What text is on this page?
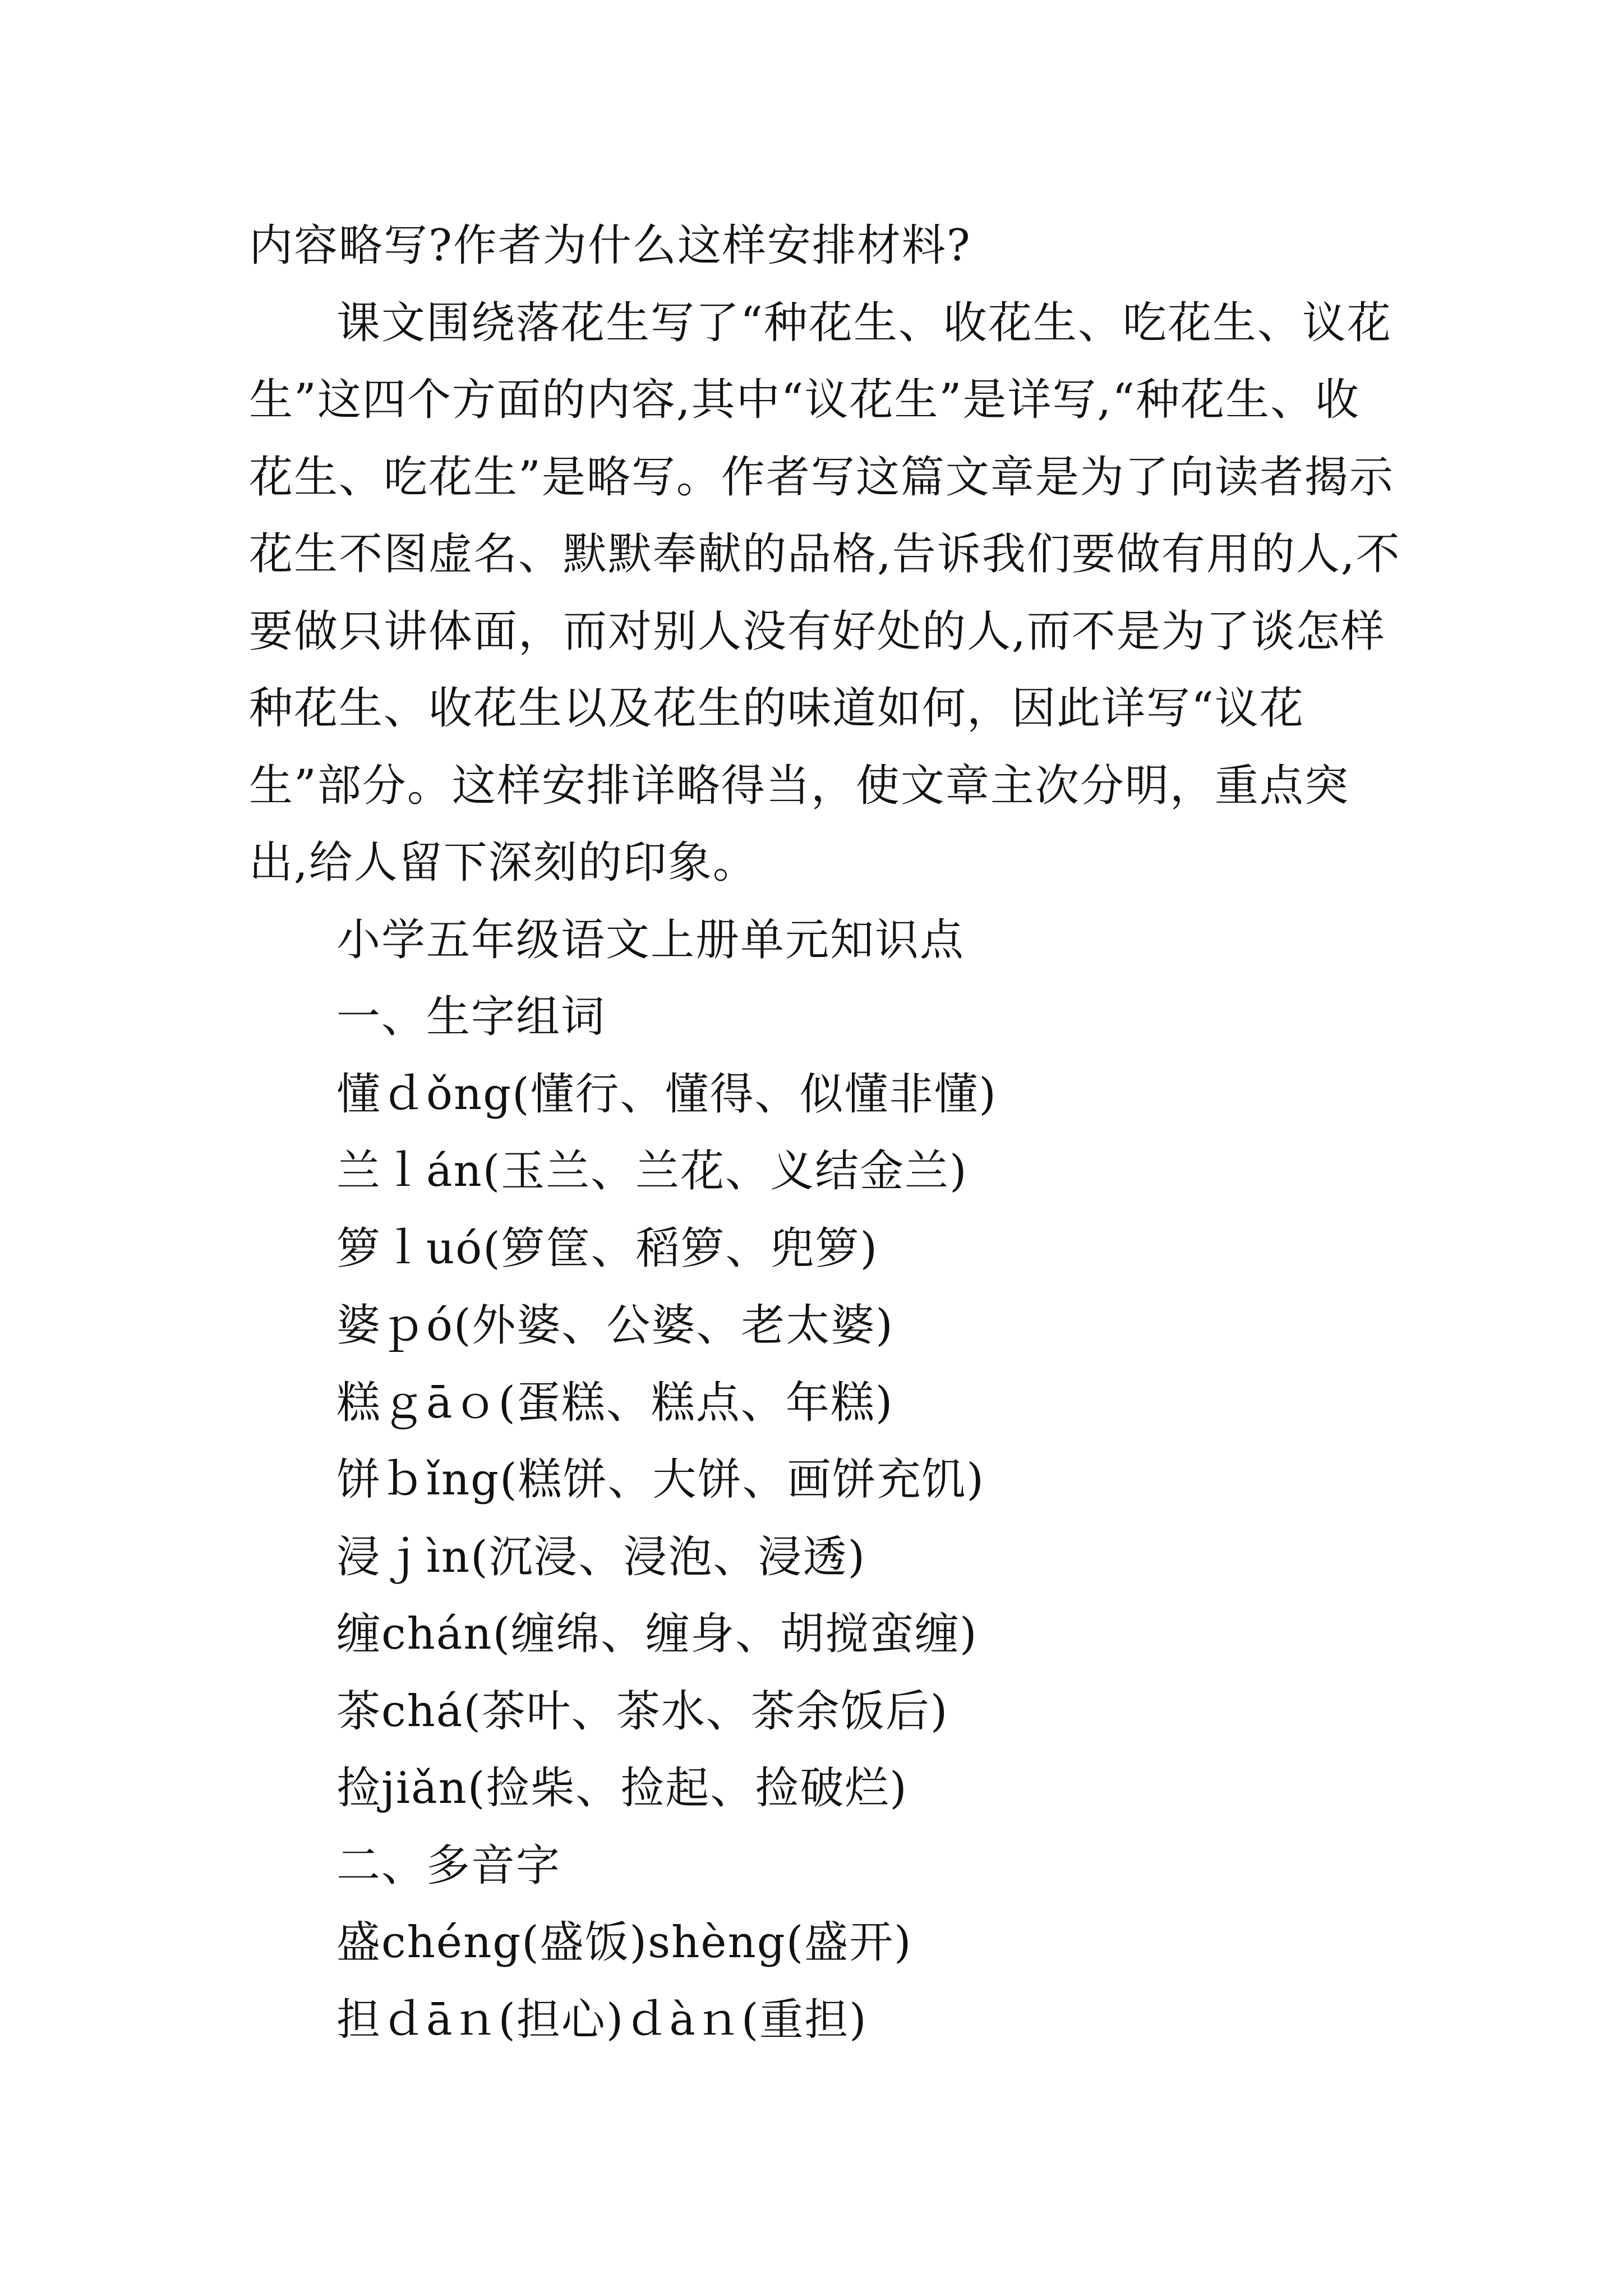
内容略写?作者为什么这样安排材料?

课文围绕落花生写了“种花生、收花生、吃花生、议花生”这四个方面的内容,其中“议花生”是详写,“种花生、收花生、吃花生”是略写。作者写这篇文章是为了向读者揭示花生不图虚名、默默奉献的品格,告诉我们要做有用的人,不要做只讲体面，而对别人没有好处的人,而不是为了谈怎样种花生、收花生以及花生的味道如何，因此详写“议花生”部分。这样安排详略得当，使文章主次分明，重点突出,给人留下深刻的印象。

小学五年级语文上册单元知识点

一、生字组词

懂ｄǒng(懂行、懂得、似懂非懂)

兰ｌán(玉兰、兰花、义结金兰)

箩ｌuó(箩筐、稻箩、兜箩)

婆ｐó(外婆、公婆、老太婆)

糕ｇāｏ(蛋糕、糕点、年糕)

饼ｂǐng(糕饼、大饼、画饼充饥)

浸ｊìn(沉浸、浸泡、浸透)

缠chán(缠绵、缠身、胡搅蛮缠)

茶chá(茶叶、茶水、茶余饭后)

捡jiǎn(捡柴、捡起、捡破烂)

二、多音字

盛chéng(盛饭)shèng(盛开)

担ｄāｎ(担心)ｄàｎ(重担)
